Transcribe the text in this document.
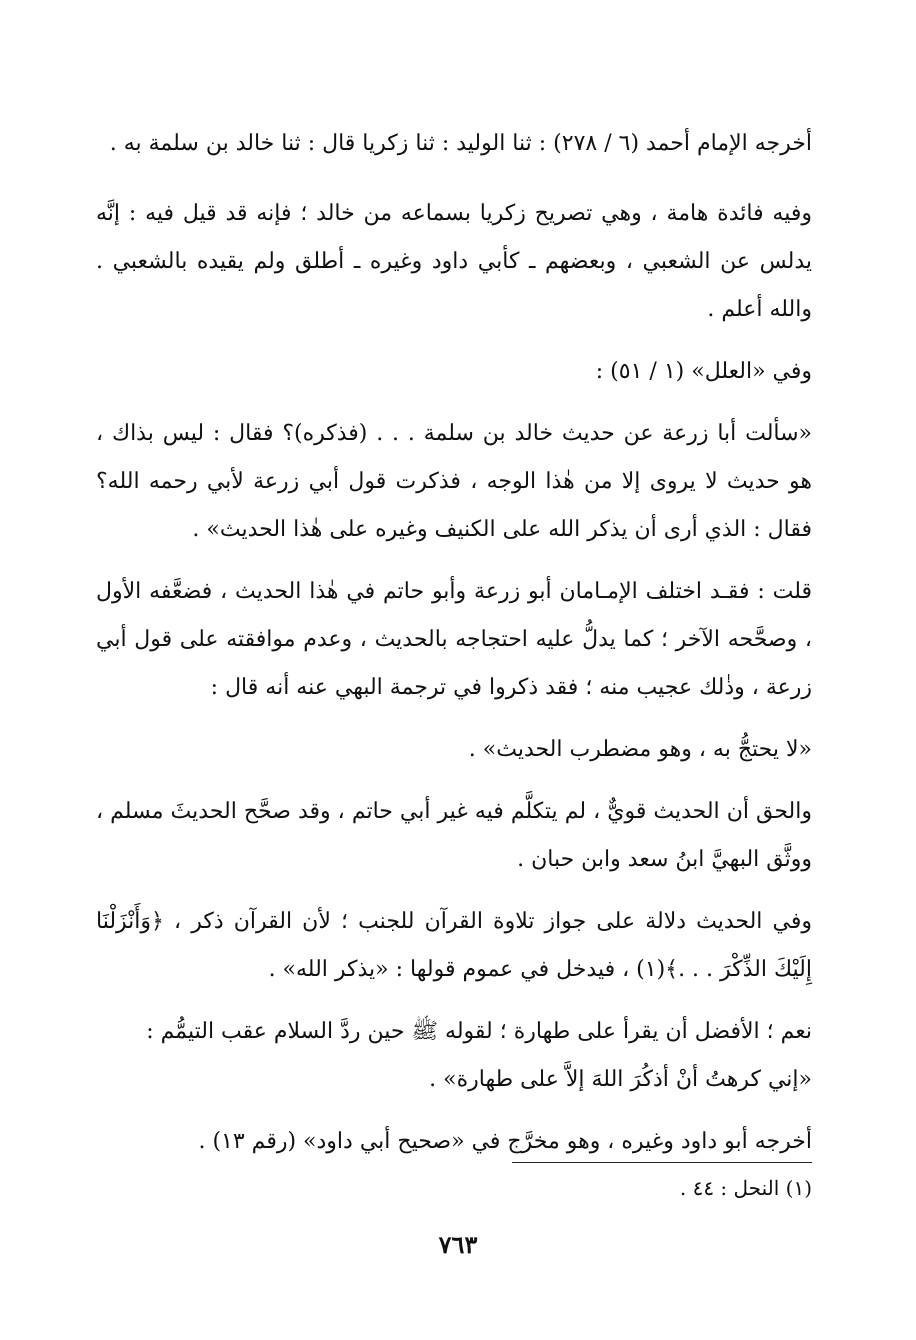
أخرجه الإمام أحمد (٦ / ٢٧٨) : ثنا الوليد : ثنا زكريا قال : ثنا خالد بن سلمة به .

وفيه فائدة هامة ، وهي تصريح زكريا بسماعه من خالد ؛ فإنه قد قيل فيه : إنَّه يدلس عن الشعبي ، وبعضهم ـ كأبي داود وغيره ـ أطلق ولم يقيده بالشعبي . والله أعلم .

وفي «العلل» (١ / ٥١) :

«سألت أبا زرعة عن حديث خالد بن سلمة . . . (فذكره)؟ فقال : ليس بذاك ، هو حديث لا يروى إلا من هٰذا الوجه ، فذكرت قول أبي زرعة لأبي رحمه الله؟ فقال : الذي أرى أن يذكر الله على الكنيف وغيره على هٰذا الحديث» .

قلت : فقـد اختلف الإمـامان أبو زرعة وأبو حاتم في هٰذا الحديث ، فضعَّفه الأول ، وصحَّحه الآخر ؛ كما يدلُّ عليه احتجاجه بالحديث ، وعدم موافقته على قول أبي زرعة ، وذٰلك عجيب منه ؛ فقد ذكروا في ترجمة البهي عنه أنه قال :

«لا يحتجُّ به ، وهو مضطرب الحديث» .

والحق أن الحديث قويٌّ ، لم يتكلَّم فيه غير أبي حاتم ، وقد صحَّح الحديثَ مسلم ، ووثَّق البهيَّ ابنُ سعد وابن حبان .

وفي الحديث دلالة على جواز تلاوة القرآن للجنب ؛ لأن القرآن ذكر ، ﴿وَأَنْزَلْنَا إِلَيْكَ الذِّكْرَ . . .﴾(١) ، فيدخل في عموم قولها : «يذكر الله» .

نعم ؛ الأفضل أن يقرأ على طهارة ؛ لقوله ﷺ حين ردَّ السلام عقب التيمُّم :

«إني كرهتُ أنْ أذكُرَ اللهَ إلاَّ على طهارة» .

أخرجه أبو داود وغيره ، وهو مخرَّج في «صحيح أبي داود» (رقم ١٣) .

(١) النحل : ٤٤ .
٧٦٣
